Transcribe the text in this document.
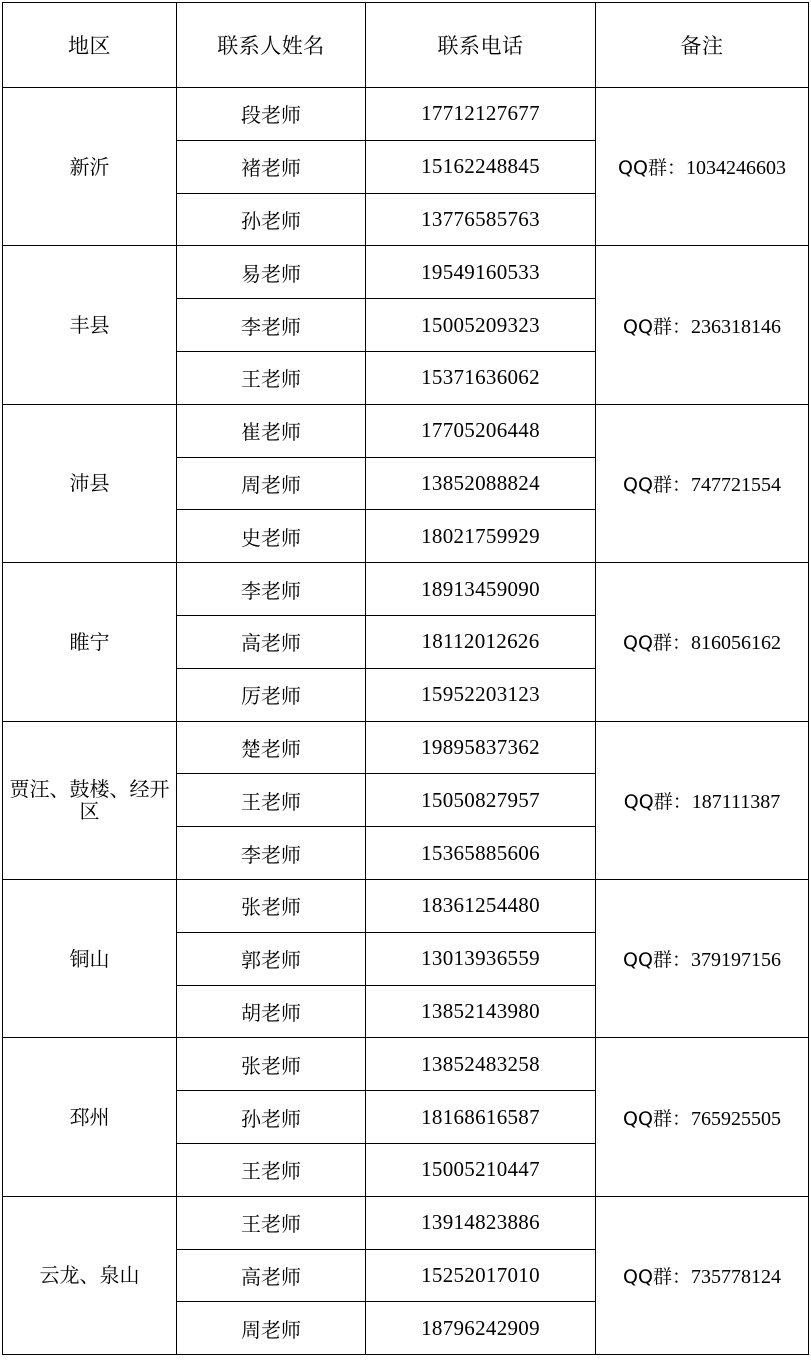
地区	联系人姓名	联系电话	备注
新沂	段老师	17712127677	QQ群：1034246603
	褚老师	15162248845	
	孙老师	13776585763	
丰县	易老师	19549160533	QQ群：236318146
	李老师	15005209323	
	王老师	15371636062	
沛县	崔老师	17705206448	QQ群：747721554
	周老师	13852088824	
	史老师	18021759929	
睢宁	李老师	18913459090	QQ群：816056162
	高老师	18112012626	
	厉老师	15952203123	
贾汪、鼓楼、经开区	楚老师	19895837362	QQ群：187111387
	王老师	15050827957	
	李老师	15365885606	
铜山	张老师	18361254480	QQ群：379197156
	郭老师	13013936559	
	胡老师	13852143980	
邳州	张老师	13852483258	QQ群：765925505
	孙老师	18168616587	
	王老师	15005210447	
云龙、泉山	王老师	13914823886	QQ群：735778124
	高老师	15252017010	
	周老师	18796242909	
